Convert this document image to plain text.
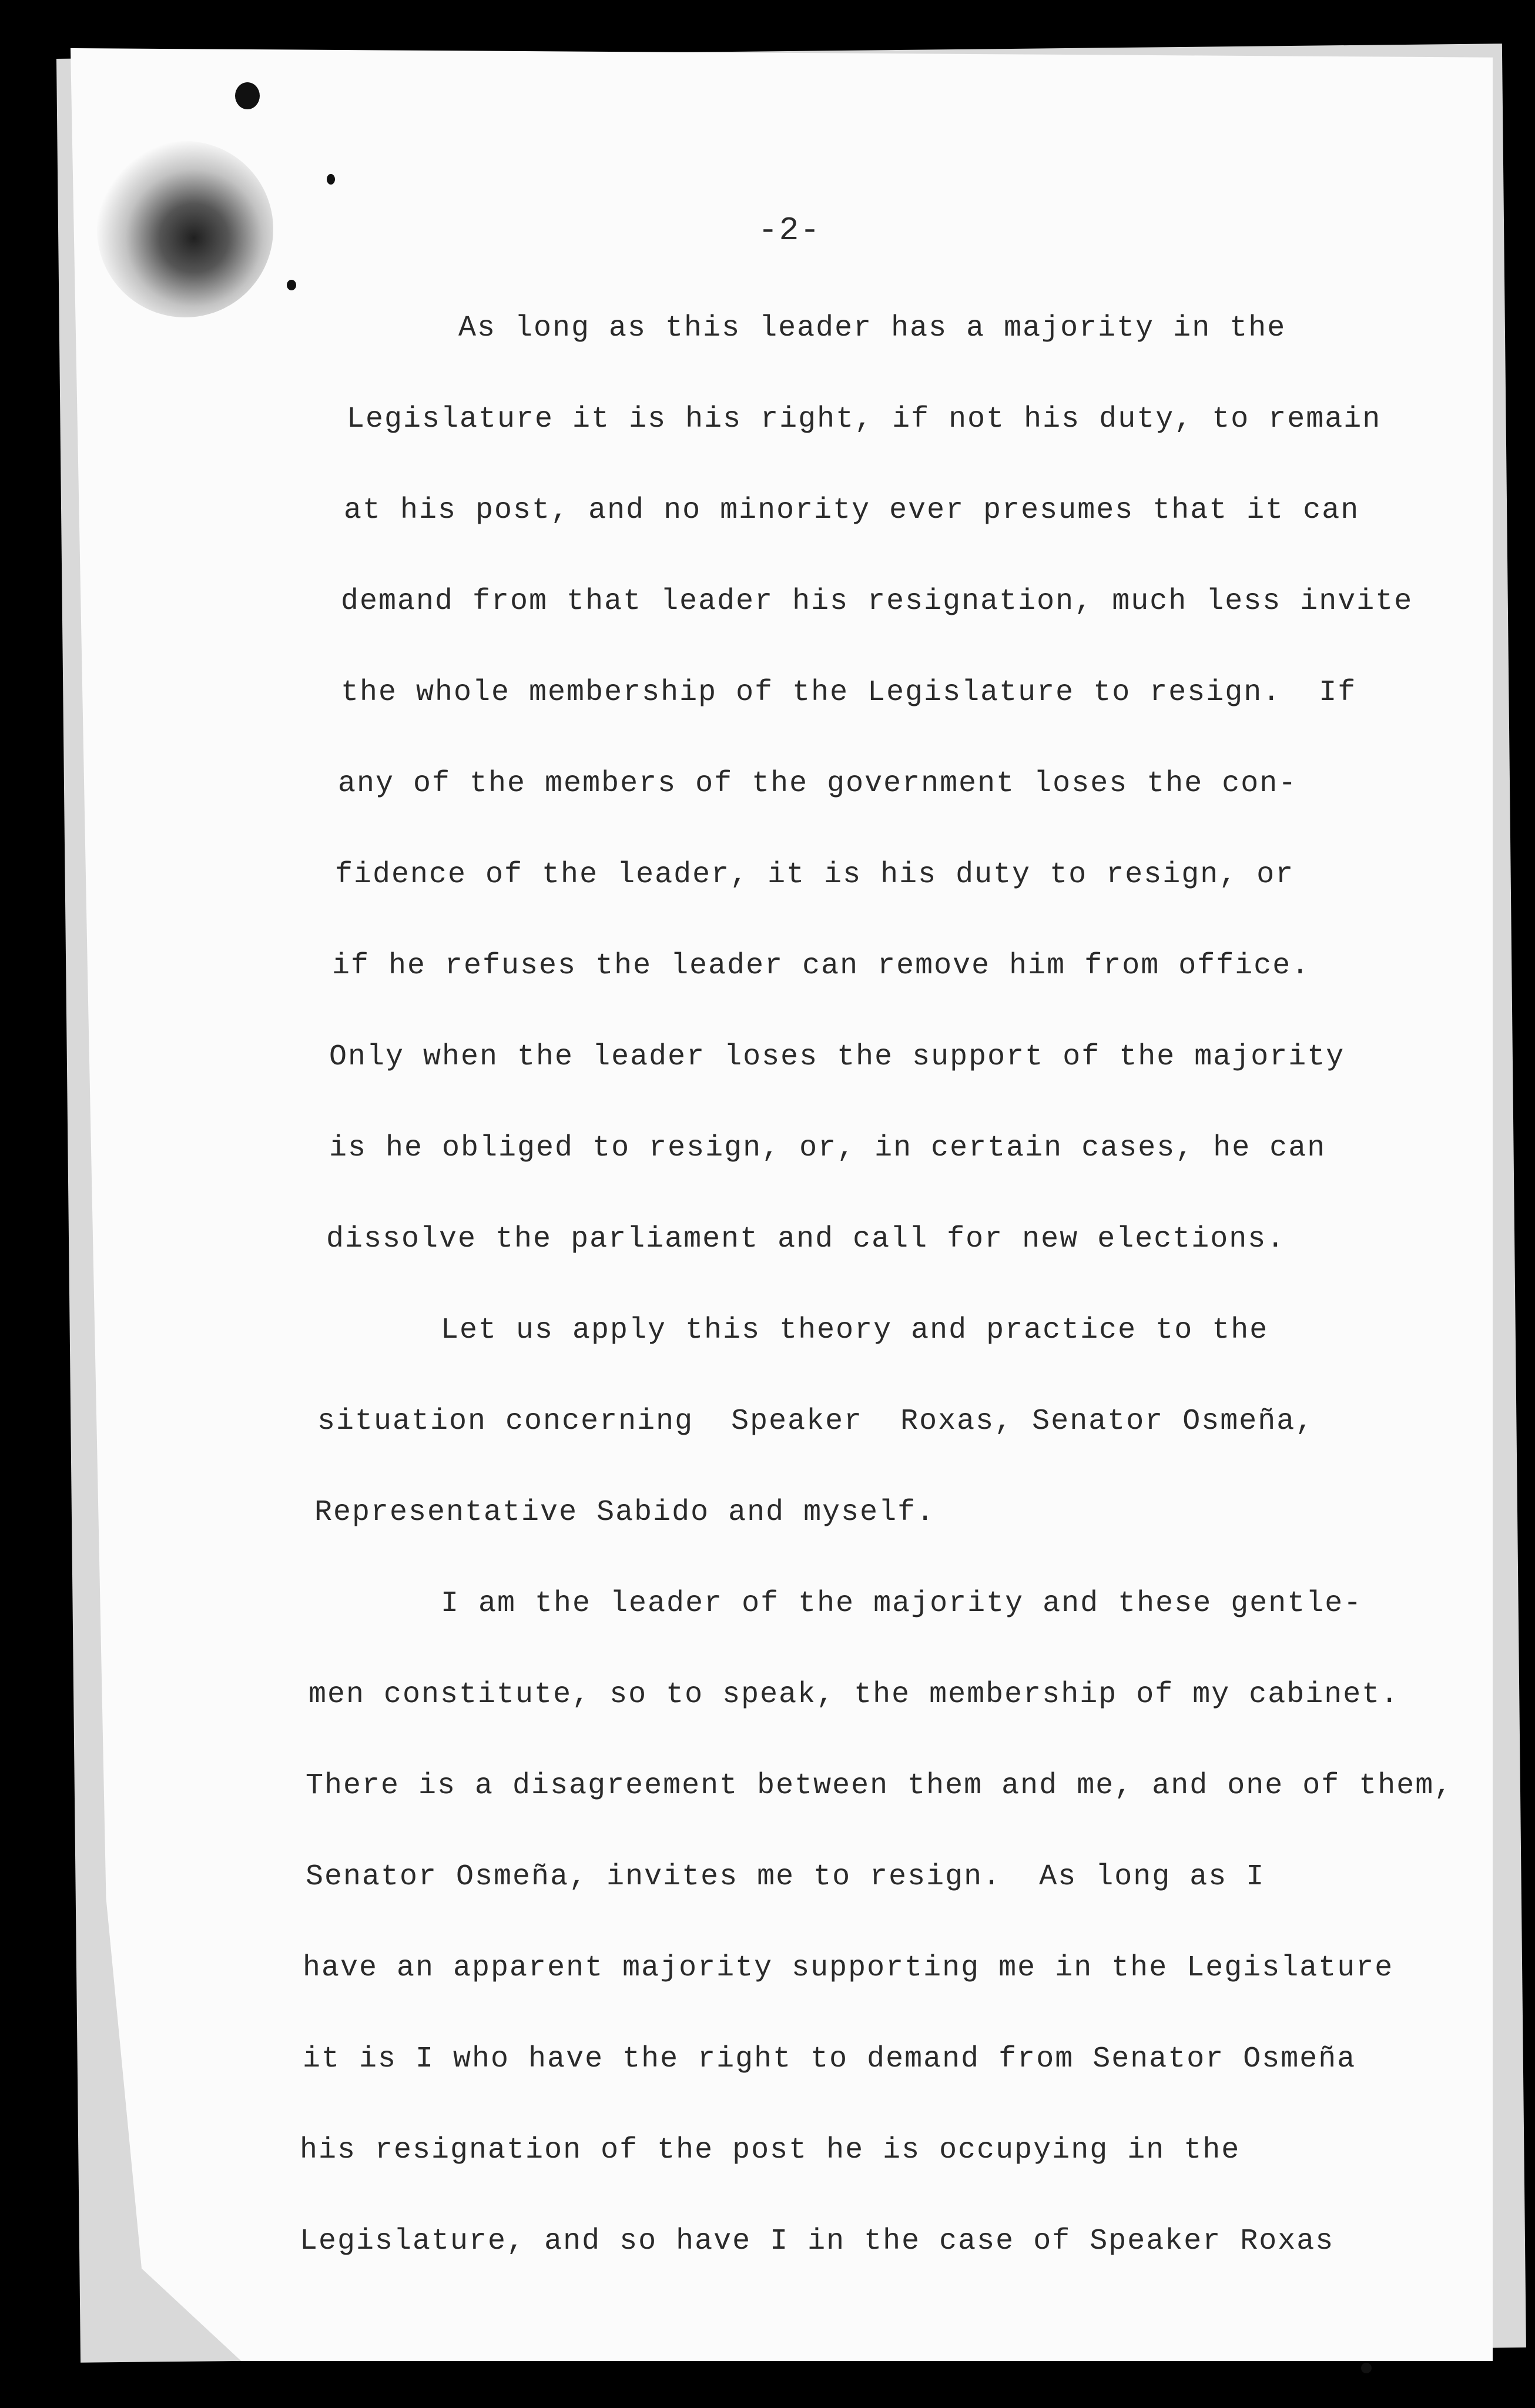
-2-
As long as this leader has a majority in the
Legislature it is his right, if not his duty, to remain
at his post, and no minority ever presumes that it can
demand from that leader his resignation, much less invite
the whole membership of the Legislature to resign.  If
any of the members of the government loses the con-
fidence of the leader, it is his duty to resign, or
if he refuses the leader can remove him from office.
Only when the leader loses the support of the majority
is he obliged to resign, or, in certain cases, he can
dissolve the parliament and call for new elections.
Let us apply this theory and practice to the
situation concerning  Speaker  Roxas, Senator Osmeña,
Representative Sabido and myself.
I am the leader of the majority and these gentle-
men constitute, so to speak, the membership of my cabinet.
There is a disagreement between them and me, and one of them,
Senator Osmeña, invites me to resign.  As long as I
have an apparent majority supporting me in the Legislature
it is I who have the right to demand from Senator Osmeña
his resignation of the post he is occupying in the
Legislature, and so have I in the case of Speaker Roxas
